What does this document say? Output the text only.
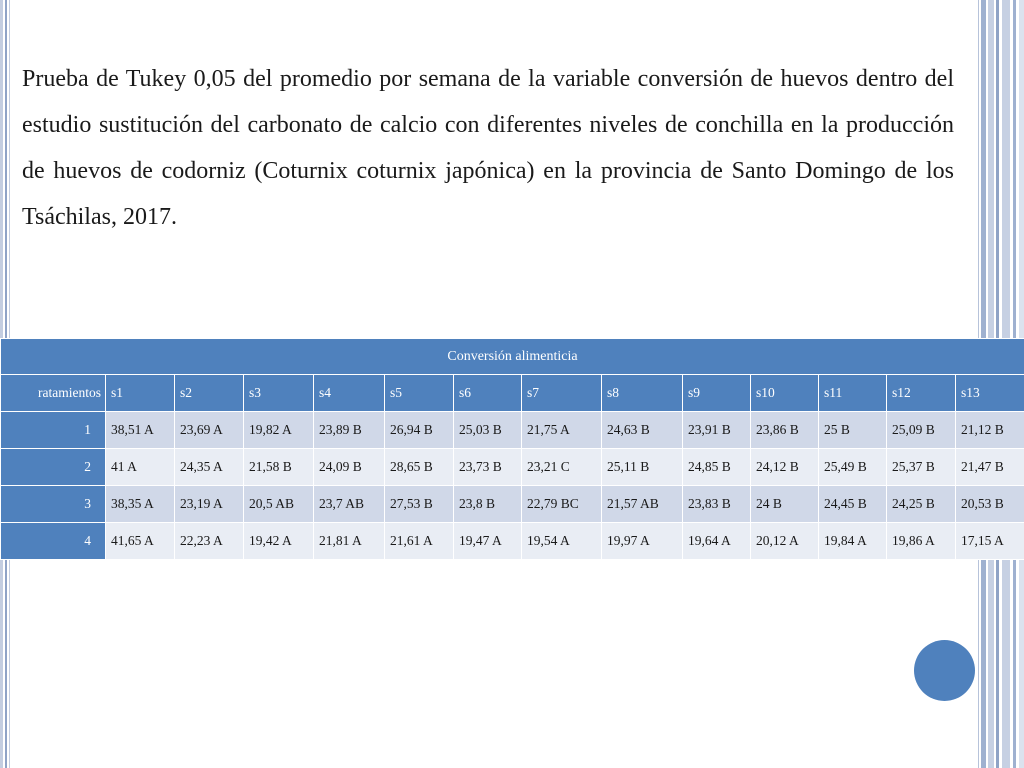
Prueba de Tukey 0,05 del promedio por semana de la variable conversión de huevos dentro del estudio sustitución del carbonato de calcio con diferentes niveles de conchilla en la producción de huevos de codorniz (Coturnix coturnix japónica) en la provincia de Santo Domingo de los Tsáchilas, 2017.

Conversión alimenticia													
ratamientos	s1	s2	s3	s4	s5	s6	s7	s8	s9	s10	s11	s12	s13
1	38,51 A	23,69 A	19,82 A	23,89 B	26,94 B	25,03 B	21,75 A	24,63 B	23,91 B	23,86 B	25 B	25,09 B	21,12 B
2	41 A	24,35 A	21,58 B	24,09 B	28,65 B	23,73 B	23,21 C	25,11 B	24,85 B	24,12 B	25,49 B	25,37 B	21,47 B
3	38,35 A	23,19 A	20,5 AB	23,7 AB	27,53 B	23,8 B	22,79 BC	21,57 AB	23,83 B	24 B	24,45 B	24,25 B	20,53 B
4	41,65 A	22,23 A	19,42 A	21,81 A	21,61 A	19,47 A	19,54 A	19,97 A	19,64 A	20,12 A	19,84 A	19,86 A	17,15 A
